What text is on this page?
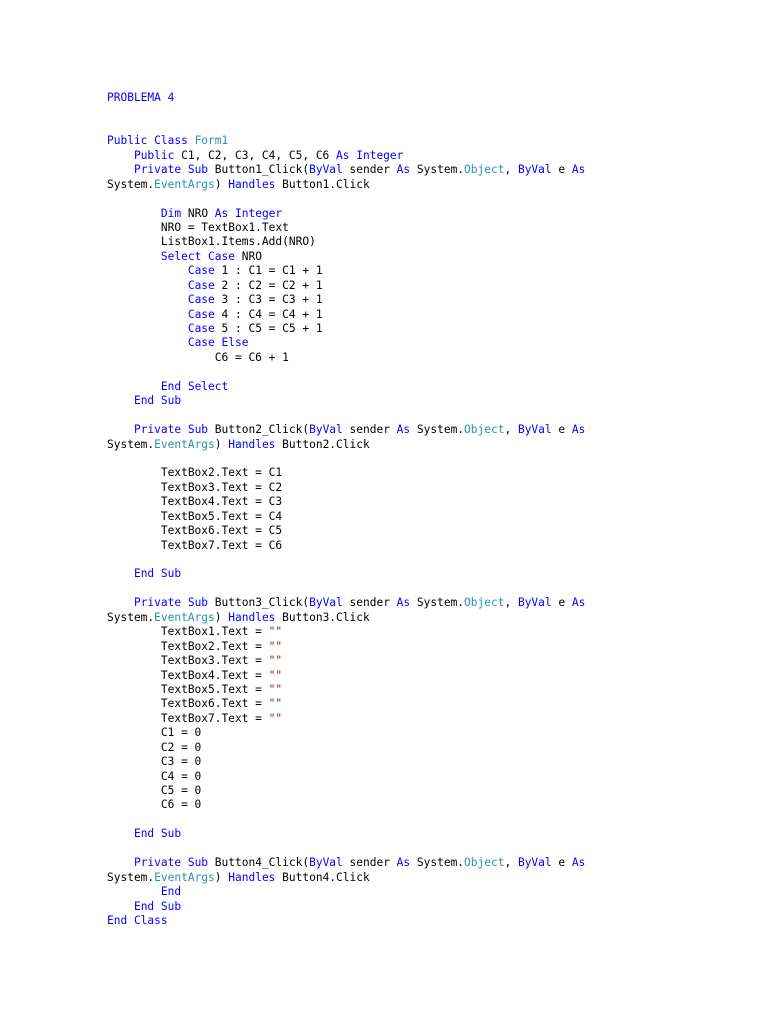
PROBLEMA 4

Public Class Form1
Public C1, C2, C3, C4, C5, C6 As Integer
Private Sub Button1_Click(ByVal sender As System.Object, ByVal e As
System.EventArgs) Handles Button1.Click

Dim NRO As Integer
NRO = TextBox1.Text
ListBox1.Items.Add(NRO)
Select Case NRO
Case 1 : C1 = C1 + 1
Case 2 : C2 = C2 + 1
Case 3 : C3 = C3 + 1
Case 4 : C4 = C4 + 1
Case 5 : C5 = C5 + 1
Case Else
C6 = C6 + 1

End Select
End Sub

Private Sub Button2_Click(ByVal sender As System.Object, ByVal e As
System.EventArgs) Handles Button2.Click

TextBox2.Text = C1
TextBox3.Text = C2
TextBox4.Text = C3
TextBox5.Text = C4
TextBox6.Text = C5
TextBox7.Text = C6

End Sub

Private Sub Button3_Click(ByVal sender As System.Object, ByVal e As
System.EventArgs) Handles Button3.Click
TextBox1.Text = ""
TextBox2.Text = ""
TextBox3.Text = ""
TextBox4.Text = ""
TextBox5.Text = ""
TextBox6.Text = ""
TextBox7.Text = ""
C1 = 0
C2 = 0
C3 = 0
C4 = 0
C5 = 0
C6 = 0

End Sub

Private Sub Button4_Click(ByVal sender As System.Object, ByVal e As
System.EventArgs) Handles Button4.Click
End
End Sub
End Class
